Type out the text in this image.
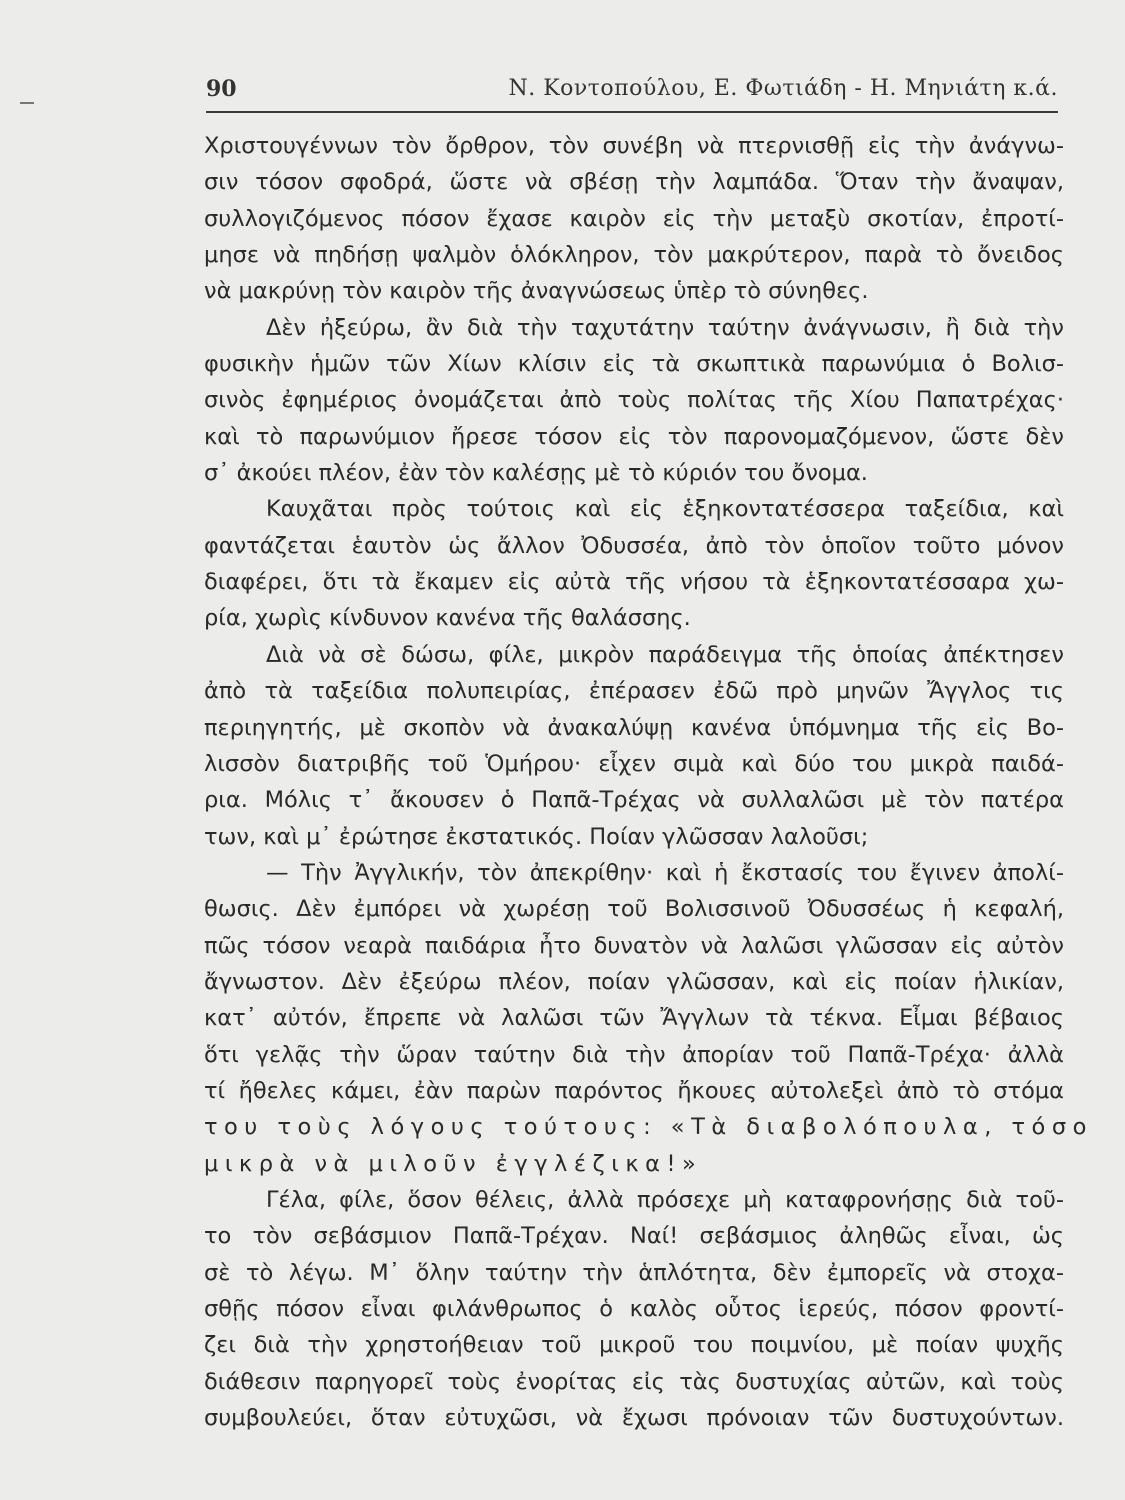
90	Ν. Κοντοπούλου, Ε. Φωτιάδη - Η. Μηνιάτη κ.ά.
Χριστουγέννων τὸν ὄρθρον, τὸν συνέβη νὰ πτερνισθῇ εἰς τὴν ἀνάγνω-
σιν τόσον σφοδρά, ὥστε νὰ σβέσῃ τὴν λαμπάδα. Ὅταν τὴν ἄναψαν,
συλλογιζόμενος πόσον ἔχασε καιρὸν εἰς τὴν μεταξὺ σκοτίαν, ἐπροτί-
μησε νὰ πηδήσῃ ψαλμὸν ὁλόκληρον, τὸν μακρύτερον, παρὰ τὸ ὄνειδος
νὰ μακρύνῃ τὸν καιρὸν τῆς ἀναγνώσεως ὑπὲρ τὸ σύνηθες.
Δὲν ἠξεύρω, ἂν διὰ τὴν ταχυτάτην ταύτην ἀνάγνωσιν, ἢ διὰ τὴν
φυσικὴν ἡμῶν τῶν Χίων κλίσιν εἰς τὰ σκωπτικὰ παρωνύμια ὁ Βολισ-
σινὸς ἐφημέριος ὀνομάζεται ἀπὸ τοὺς πολίτας τῆς Χίου Παπατρέχας·
καὶ τὸ παρωνύμιον ἤρεσε τόσον εἰς τὸν παρονομαζόμενον, ὥστε δὲν
σ᾽ ἀκούει πλέον, ἐὰν τὸν καλέσῃς μὲ τὸ κύριόν του ὄνομα.
Καυχᾶται πρὸς τούτοις καὶ εἰς ἑξηκοντατέσσερα ταξείδια, καὶ
φαντάζεται ἑαυτὸν ὡς ἄλλον Ὀδυσσέα, ἀπὸ τὸν ὁποῖον τοῦτο μόνον
διαφέρει, ὅτι τὰ ἔκαμεν εἰς αὐτὰ τῆς νήσου τὰ ἑξηκοντατέσσαρα χω-
ρία, χωρὶς κίνδυνον κανένα τῆς θαλάσσης.
Διὰ νὰ σὲ δώσω, φίλε, μικρὸν παράδειγμα τῆς ὁποίας ἀπέκτησεν
ἀπὸ τὰ ταξείδια πολυπειρίας, ἐπέρασεν ἐδῶ πρὸ μηνῶν Ἄγγλος τις
περιηγητής, μὲ σκοπὸν νὰ ἀνακαλύψῃ κανένα ὑπόμνημα τῆς εἰς Βο-
λισσὸν διατριβῆς τοῦ Ὁμήρου· εἶχεν σιμὰ καὶ δύο του μικρὰ παιδά-
ρια. Μόλις τ᾽ ἄκουσεν ὁ Παπᾶ-Τρέχας νὰ συλλαλῶσι μὲ τὸν πατέρα
των, καὶ μ᾽ ἐρώτησε ἐκστατικός. Ποίαν γλῶσσαν λαλοῦσι;
— Τὴν Ἀγγλικήν, τὸν ἀπεκρίθην· καὶ ἡ ἔκστασίς του ἔγινεν ἀπολί-
θωσις. Δὲν ἐμπόρει νὰ χωρέσῃ τοῦ Βολισσινοῦ Ὀδυσσέως ἡ κεφαλή,
πῶς τόσον νεαρὰ παιδάρια ἦτο δυνατὸν νὰ λαλῶσι γλῶσσαν εἰς αὐτὸν
ἄγνωστον. Δὲν ἐξεύρω πλέον, ποίαν γλῶσσαν, καὶ εἰς ποίαν ἡλικίαν,
κατ᾽ αὐτόν, ἔπρεπε νὰ λαλῶσι τῶν Ἄγγλων τὰ τέκνα. Εἶμαι βέβαιος
ὅτι γελᾷς τὴν ὥραν ταύτην διὰ τὴν ἀπορίαν τοῦ Παπᾶ-Τρέχα· ἀλλὰ
τί ἤθελες κάμει, ἐὰν παρὼν παρόντος ἤκουες αὐτολεξεὶ ἀπὸ τὸ στόμα
του τοὺς λόγους τούτους: «Τὰ διαβολόπουλα, τόσο
μικρὰ νὰ μιλοῦν ἐγγλέζικα!»
Γέλα, φίλε, ὅσον θέλεις, ἀλλὰ πρόσεχε μὴ καταφρονήσῃς διὰ τοῦ-
το τὸν σεβάσμιον Παπᾶ-Τρέχαν. Ναί! σεβάσμιος ἀληθῶς εἶναι, ὡς
σὲ τὸ λέγω. Μ᾽ ὅλην ταύτην τὴν ἁπλότητα, δὲν ἐμπορεῖς νὰ στοχα-
σθῇς πόσον εἶναι φιλάνθρωπος ὁ καλὸς οὗτος ἱερεύς, πόσον φροντί-
ζει διὰ τὴν χρηστοήθειαν τοῦ μικροῦ του ποιμνίου, μὲ ποίαν ψυχῆς
διάθεσιν παρηγορεῖ τοὺς ἐνορίτας εἰς τὰς δυστυχίας αὐτῶν, καὶ τοὺς
συμβουλεύει, ὅταν εὐτυχῶσι, νὰ ἔχωσι πρόνοιαν τῶν δυστυχούντων.
